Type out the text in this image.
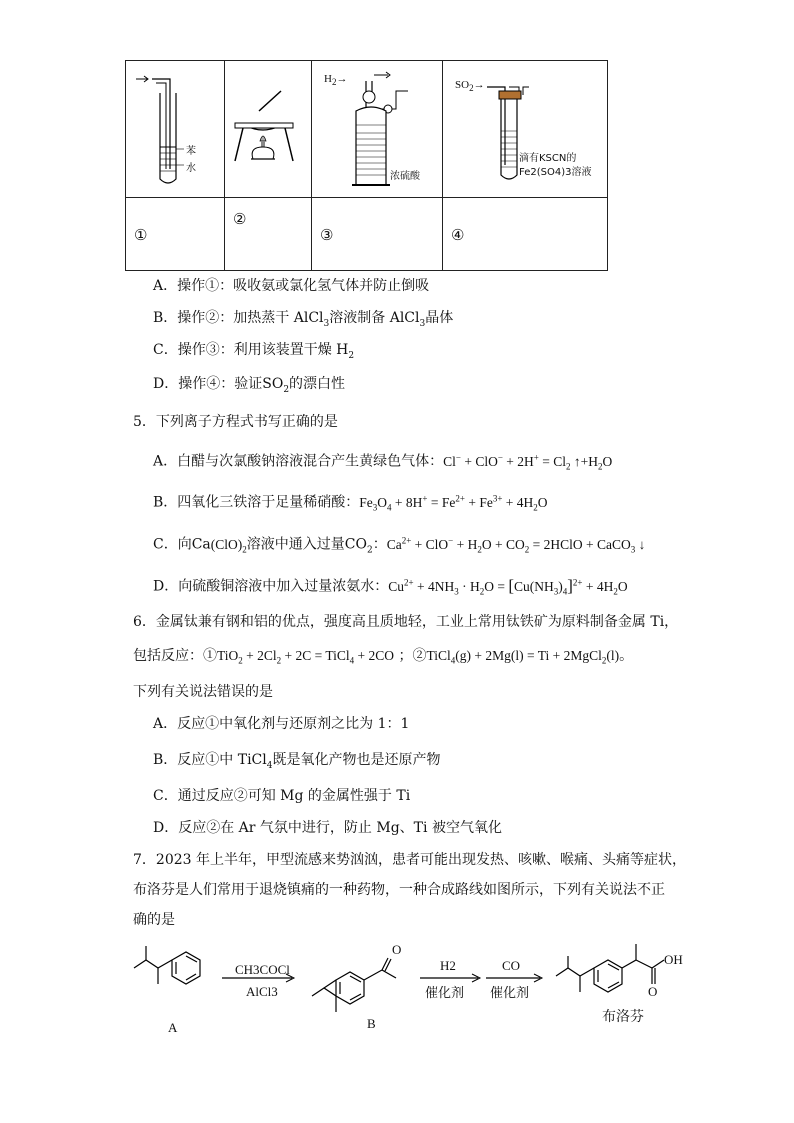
苯
水		$H_2\to$
浓硫酸	$SO_2\to$
滴有KSCN的
Fe2(SO4)3溶液

①	②	③	④
A．操作①：吸收氨或氯化氢气体并防止倒吸
B．操作②：加热蒸干 AlCl$_3$溶液制备 AlCl$_3$晶体
C．操作③：利用该装置干燥 $H_2$
D．操作④：验证$SO_2$的漂白性
5．下列离子方程式书写正确的是
A．白醋与次氯酸钠溶液混合产生黄绿色气体：$Cl^- + ClO^- + 2H^+ = Cl_2$ $↑+H_2O$
B．四氧化三铁溶于足量稀硝酸：$Fe_3O_4 + 8H^+ = Fe^{2+} + Fe^{3+} + 4H_2O$
C．向$Ca(ClO)_2$溶液中通入过量$CO_2$：$Ca^{2+} + ClO^- + H_2O + CO_2$ = 2HClO + CaCO$_3$ ↓
D．向硫酸铜溶液中加入过量浓氨水：$Cu^{2+} + 4NH_3 \cdot H_2O = [Cu(NH_3)_4]^{2+} + 4H_2O$
6．金属钛兼有钢和铝的优点，强度高且质地轻，工业上常用钛铁矿为原料制备金属 Ti，
包括反应：①TiO$_2$ + $2Cl_2 + 2C$ = TiCl$_4$ + 2CO ；②TiCl$_4$(g) + 2Mg(l) = Ti + 2MgCl$_2$(l)。
下列有关说法错误的是
A．反应①中氧化剂与还原剂之比为 1：1
B．反应①中 TiCl$_4$既是氧化产物也是还原产物
C．通过反应②可知 Mg 的金属性强于 Ti
D．反应②在 Ar 气氛中进行，防止 Mg、Ti 被空气氧化
7．2023 年上半年，甲型流感来势汹汹，患者可能出现发热、咳嗽、喉痛、头痛等症状，
布洛芬是人们常用于退烧镇痛的一种药物，一种合成路线如图所示，下列有关说法不正
确的是
CH3COCl
AlCl3
H2
催化剂
CO
催化剂
O
OH
O
A	B	布洛芬
